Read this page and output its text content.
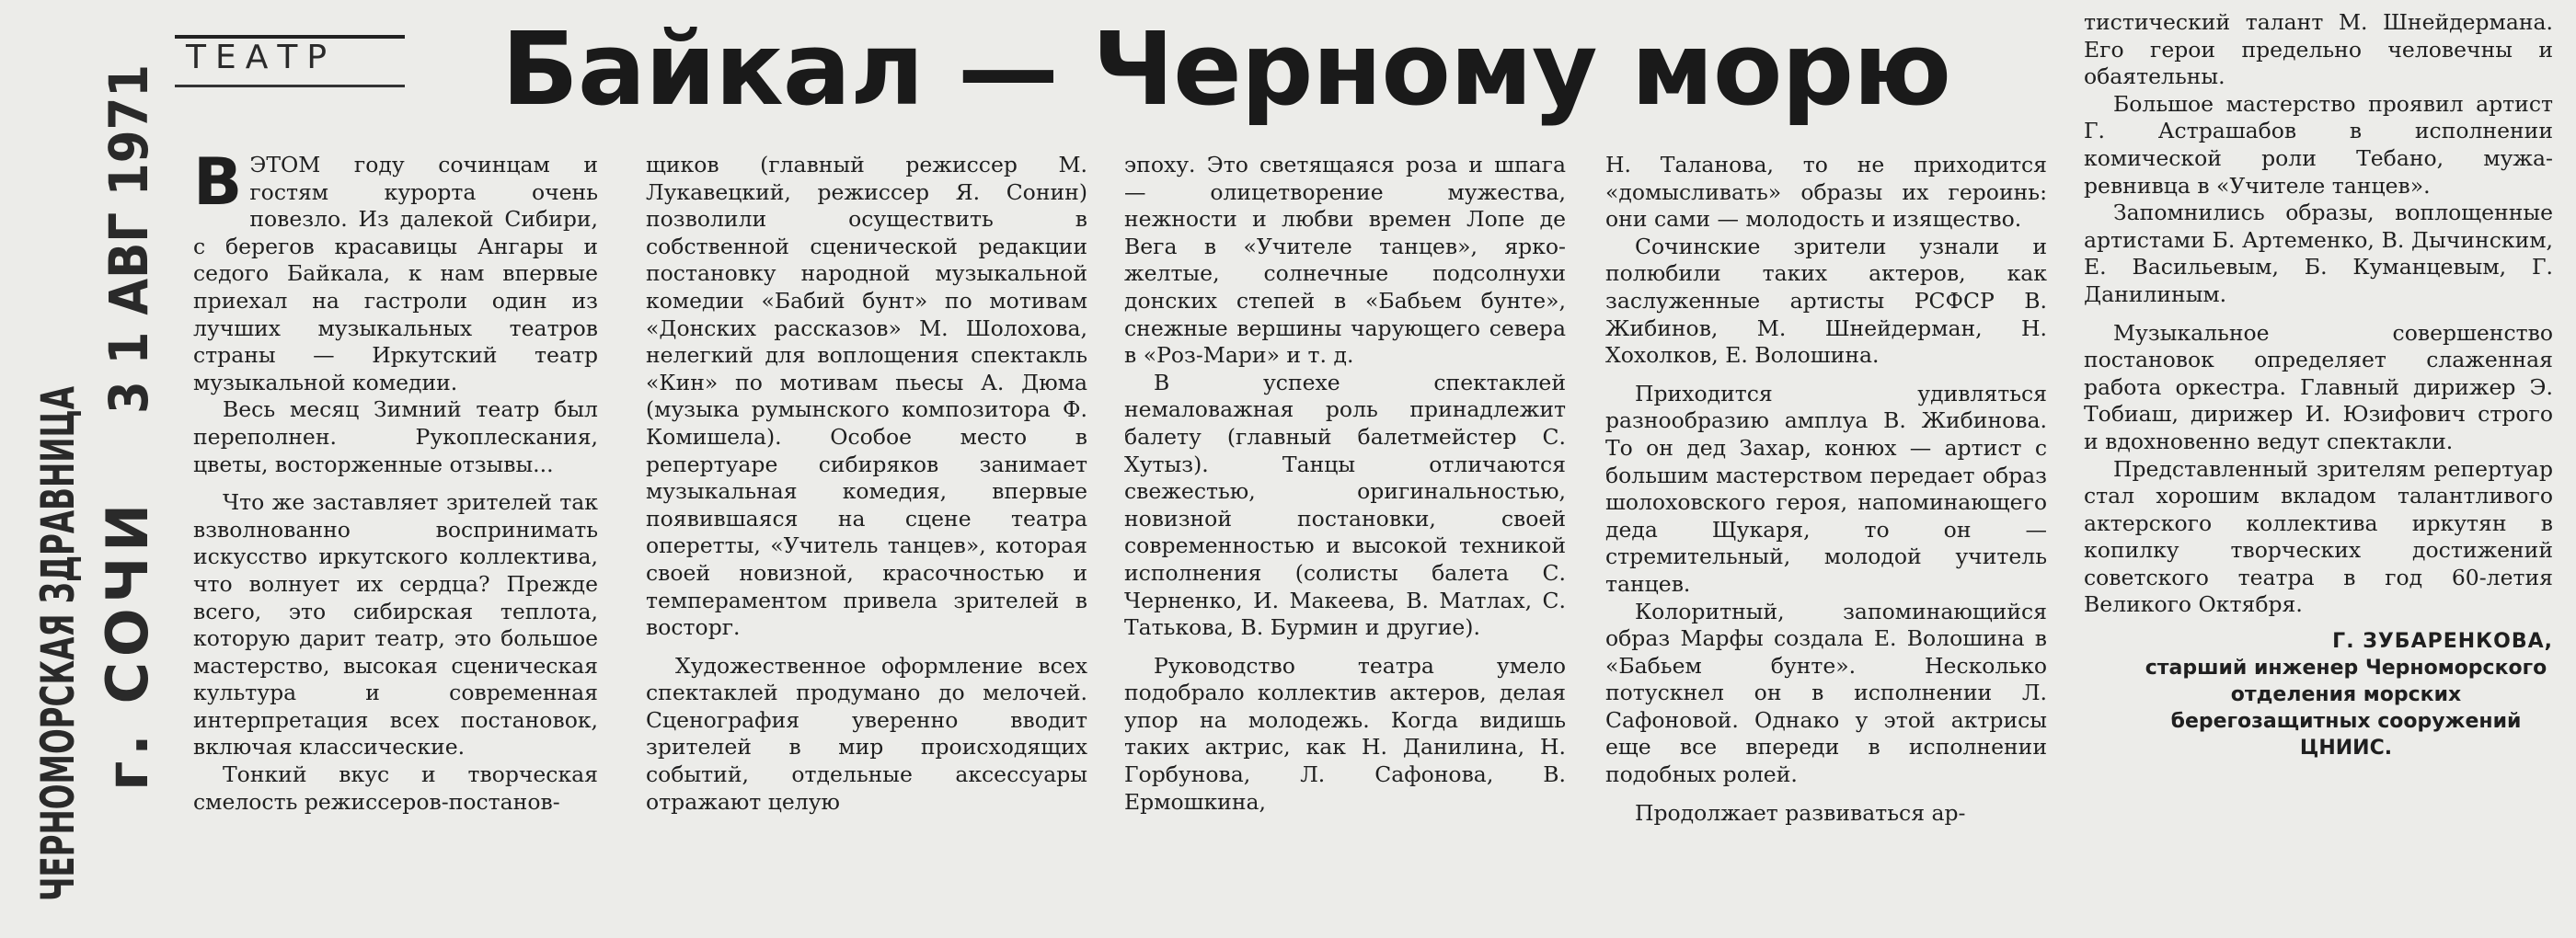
ЧЕРНОМОРСКАЯ ЗДРАВНИЦА г. СОЧИ
3 1 АВГ 1971 ТЕАТР Байкал — Черному морю

ВЭТОМ году сочинцам и гостям курорта очень повезло. Из далекой Сибири, с берегов красавицы Ангары и седого Байкала, к нам впервые приехал на гастроли один из лучших музыкальных театров страны — Иркутский театр музыкальной комедии.

Весь месяц Зимний театр был переполнен. Рукоплескания, цветы, восторженные отзывы...

Что же заставляет зрителей так взволнованно воспринимать искусство иркутского коллектива, что волнует их сердца? Прежде всего, это сибирская теплота, которую дарит театр, это большое мастерство, высокая сценическая культура и современная интерпретация всех постановок, включая классические.

Тонкий вкус и творческая смелость режиссеров-постанов-

щиков (главный режиссер М. Лукавецкий, режиссер Я. Сонин) позволили осуществить в собственной сценической редакции постановку народной музыкальной комедии «Бабий бунт» по мотивам «Донских рассказов» М. Шолохова, нелегкий для воплощения спектакль «Кин» по мотивам пьесы А. Дюма (музыка румынского композитора Ф. Комишела). Особое место в репертуаре сибиряков занимает музыкальная комедия, впервые появившаяся на сцене театра оперетты, «Учитель танцев», которая своей новизной, красочностью и темпераментом привела зрителей в восторг.

Художественное оформление всех спектаклей продумано до мелочей. Сценография уверенно вводит зрителей в мир происходящих событий, отдельные аксессуары отражают целую

эпоху. Это светящаяся роза и шпага — олицетворение мужества, нежности и любви времен Лопе де Вега в «Учителе танцев», ярко-желтые, солнечные подсолнухи донских степей в «Бабьем бунте», снежные вершины чарующего севера в «Роз-Мари» и т. д.

В успехе спектаклей немаловажная роль принадлежит балету (главный балетмейстер С. Хутыз). Танцы отличаются свежестью, оригинальностью, новизной постановки, своей современностью и высокой техникой исполнения (солисты балета С. Черненко, И. Макеева, В. Матлах, С. Татькова, В. Бурмин и другие).

Руководство театра умело подобрало коллектив актеров, делая упор на молодежь. Когда видишь таких актрис, как Н. Данилина, Н. Горбунова, Л. Сафонова, В. Ермошкина,

Н. Таланова, то не приходится «домысливать» образы их героинь: они сами — молодость и изящество.

Сочинские зрители узнали и полюбили таких актеров, как заслуженные артисты РСФСР В. Жибинов, М. Шнейдерман, Н. Хохолков, Е. Волошина.

Приходится удивляться разнообразию амплуа В. Жибинова. То он дед Захар, конюх — артист с большим мастерством передает образ шолоховского героя, напоминающего деда Щукаря, то он — стремительный, молодой учитель танцев.

Колоритный, запоминающийся образ Марфы создала Е. Волошина в «Бабьем бунте». Несколько потускнел он в исполнении Л. Сафоновой. Однако у этой актрисы еще все впереди в исполнении подобных ролей.

Продолжает развиваться ар-

тистический талант М. Шнейдермана. Его герои предельно человечны и обаятельны.

Большое мастерство проявил артист Г. Астрашабов в исполнении комической роли Тебано, мужа-ревнивца в «Учителе танцев».

Запомнились образы, воплощенные артистами Б. Артеменко, В. Дычинским, Е. Васильевым, Б. Куманцевым, Г. Данилиным.

Музыкальное совершенство постановок определяет слаженная работа оркестра. Главный дирижер Э. Тобиаш, дирижер И. Юзифович строго и вдохновенно ведут спектакли.

Представленный зрителям репертуар стал хорошим вкладом талантливого актерского коллектива иркутян в копилку творческих достижений советского театра в год 60-летия Великого Октября.

Г. ЗУБАРЕНКОВА,
старший инженер Черноморского отделения морских берегозащитных сооружений ЦНИИС.
